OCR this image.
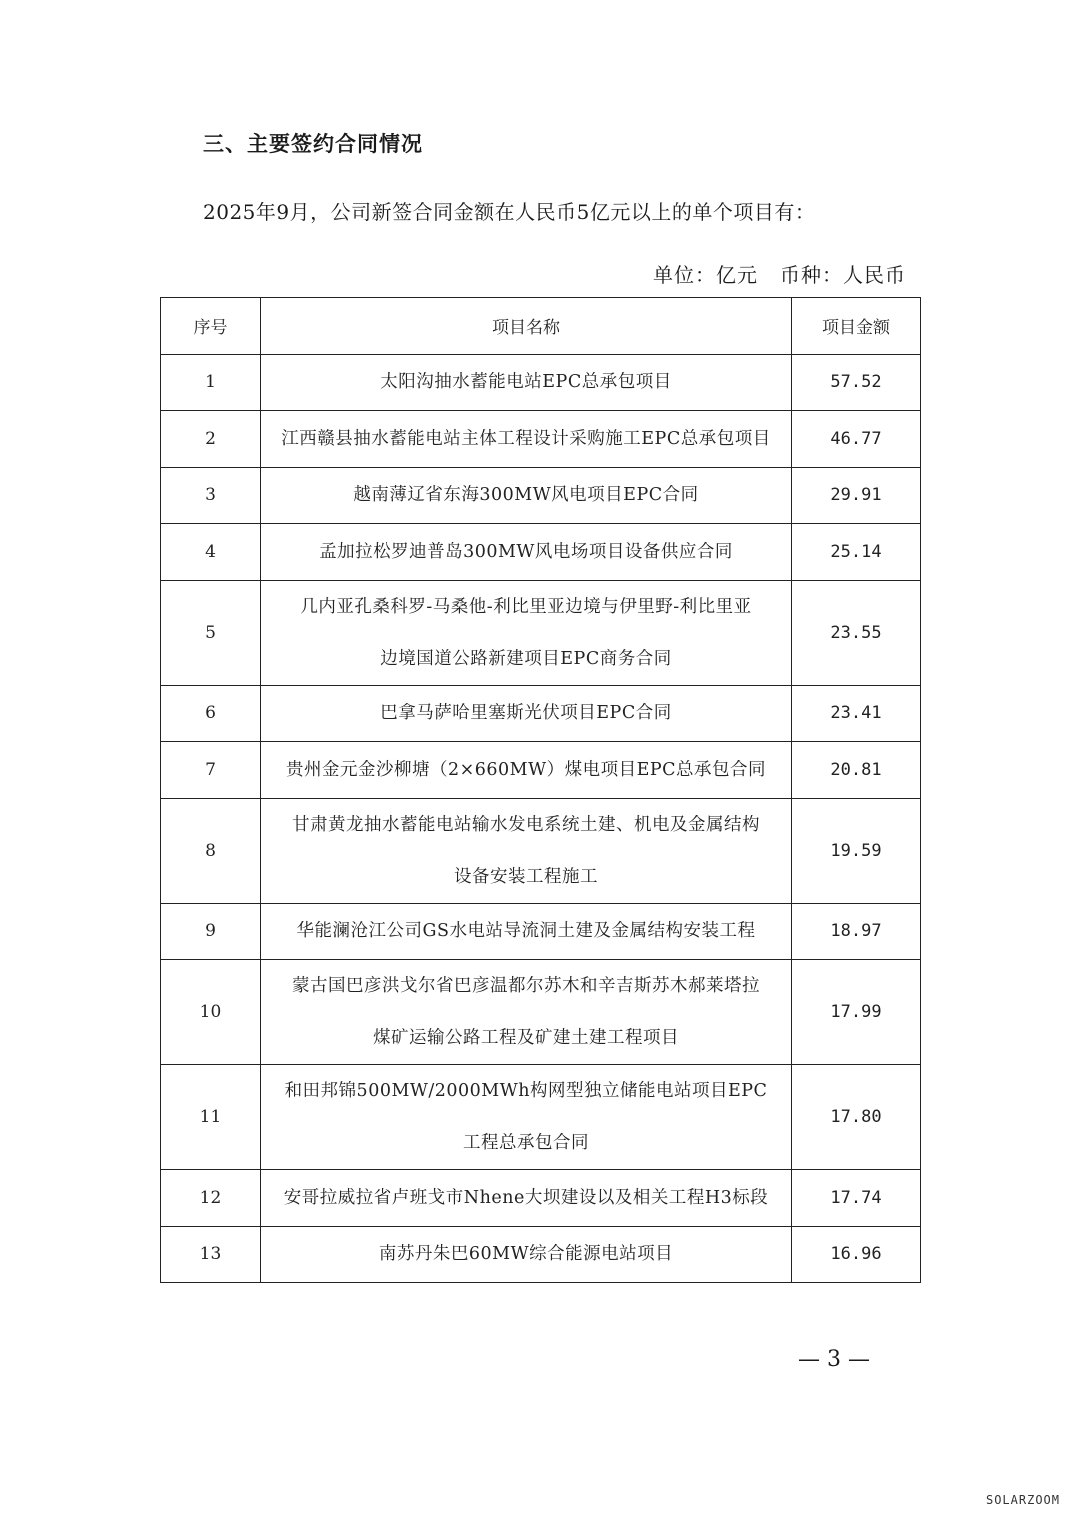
三、主要签约合同情况
2025年9月，公司新签合同金额在人民币5亿元以上的单个项目有：
单位：亿元 币种：人民币
序号	项目名称	项目金额
1	太阳沟抽水蓄能电站EPC总承包项目	57.52
2	江西赣县抽水蓄能电站主体工程设计采购施工EPC总承包项目	46.77
3	越南薄辽省东海300MW风电项目EPC合同	29.91
4	孟加拉松罗迪普岛300MW风电场项目设备供应合同	25.14
5	几内亚孔桑科罗-马桑他-利比里亚边境与伊里野-利比里亚
边境国道公路新建项目EPC商务合同	23.55
6	巴拿马萨哈里塞斯光伏项目EPC合同	23.41
7	贵州金元金沙柳塘（2×660MW）煤电项目EPC总承包合同	20.81
8	甘肃黄龙抽水蓄能电站输水发电系统土建、机电及金属结构
设备安装工程施工	19.59
9	华能澜沧江公司GS水电站导流洞土建及金属结构安装工程	18.97
10	蒙古国巴彦洪戈尔省巴彦温都尔苏木和辛吉斯苏木郝莱塔拉
煤矿运输公路工程及矿建土建工程项目	17.99
11	和田邦锦500MW/2000MWh构网型独立储能电站项目EPC
工程总承包合同	17.80
12	安哥拉威拉省卢班戈市Nhene大坝建设以及相关工程H3标段	17.74
13	南苏丹朱巴60MW综合能源电站项目	16.96
— 3 —
SOLARZOOM
